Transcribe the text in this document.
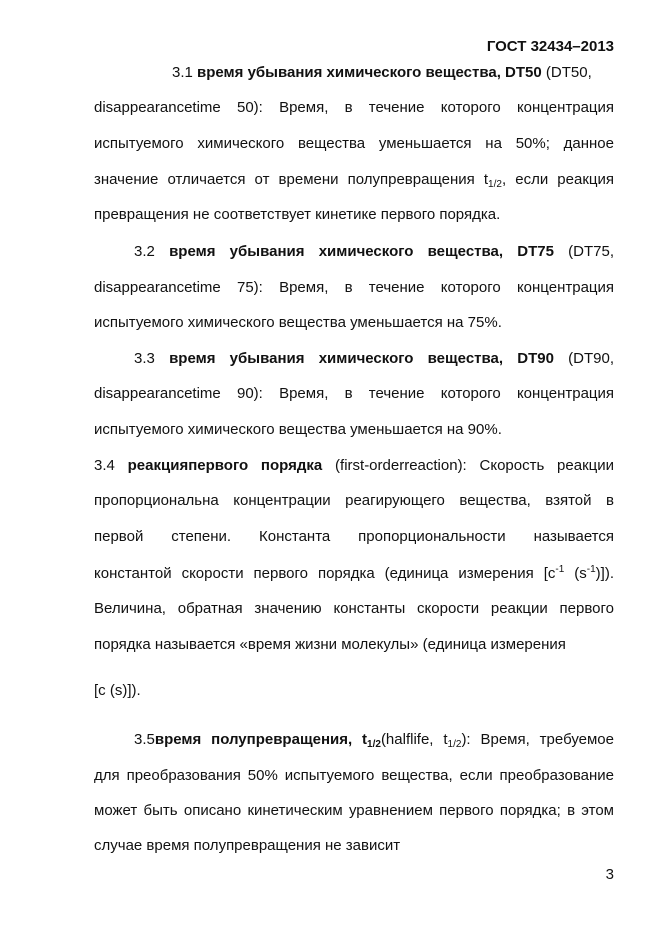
ГОСТ 32434–2013
3.1 время убывания химического вещества, DT50 (DT50,
disappearancetime 50): Время, в течение которого концентрация
испытуемого химического вещества уменьшается на 50%; данное
значение отличается от времени полупревращения $t_{1/2}$, если реакция
превращения не соответствует кинетике первого порядка.
3.2 время убывания химического вещества, DT75 (DT75,
disappearancetime 75): Время, в течение которого концентрация
испытуемого химического вещества уменьшается на 75%.
3.3 время убывания химического вещества, DT90 (DT90,
disappearancetime 90): Время, в течение которого концентрация
испытуемого химического вещества уменьшается на 90%.
3.4 реакцияпервого порядка (first-orderreaction): Скорость реакции
пропорциональна концентрации реагирующего вещества, взятой в
первой степени. Константа пропорциональности называется
константой скорости первого порядка (единица измерения [$с^{-1}$ $(s^{-1})$]).
Величина, обратная значению константы скорости реакции первого
порядка называется «время жизни молекулы» (единица измерения
[с (s)]).
3.5время полупревращения, $t_{1/2}(halflife$, $t_{1/2}$): Время, требуемое
для преобразования 50% испытуемого вещества, если преобразование
может быть описано кинетическим уравнением первого порядка; в этом
случае время полупревращения не зависит
3
